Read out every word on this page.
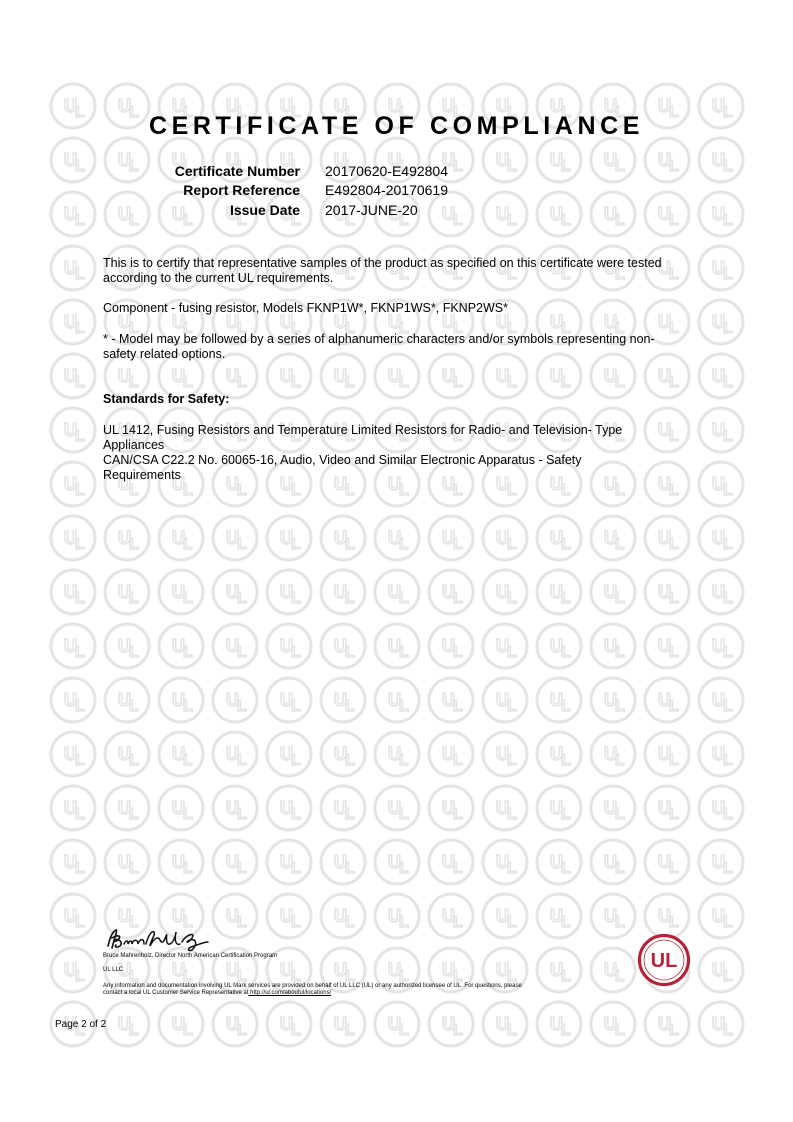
CERTIFICATE OF COMPLIANCE
Certificate Number 20170620-E492804
Report Reference E492804-20170619
Issue Date 2017-JUNE-20
This is to certify that representative samples of the product as specified on this certificate were tested
according to the current UL requirements.
Component - fusing resistor, Models FKNP1W*, FKNP1WS*, FKNP2WS*
* - Model may be followed by a series of alphanumeric characters and/or symbols representing non-
safety related options.
Standards for Safety:
UL 1412, Fusing Resistors and Temperature Limited Resistors for Radio- and Television- Type
Appliances
CAN/CSA C22.2 No. 60065-16, Audio, Video and Similar Electronic Apparatus - Safety
Requirements
Bruce Mahrenholz, Director North American Certification Program
UL LLC
Any information and documentation involving UL Mark services are provided on behalf of UL LLC (UL) or any authorized licensee of UL. For questions, please
contact a local UL Customer Service Representative at http://ul.com/aboutul/locations/
UL
Page 2 of 2
